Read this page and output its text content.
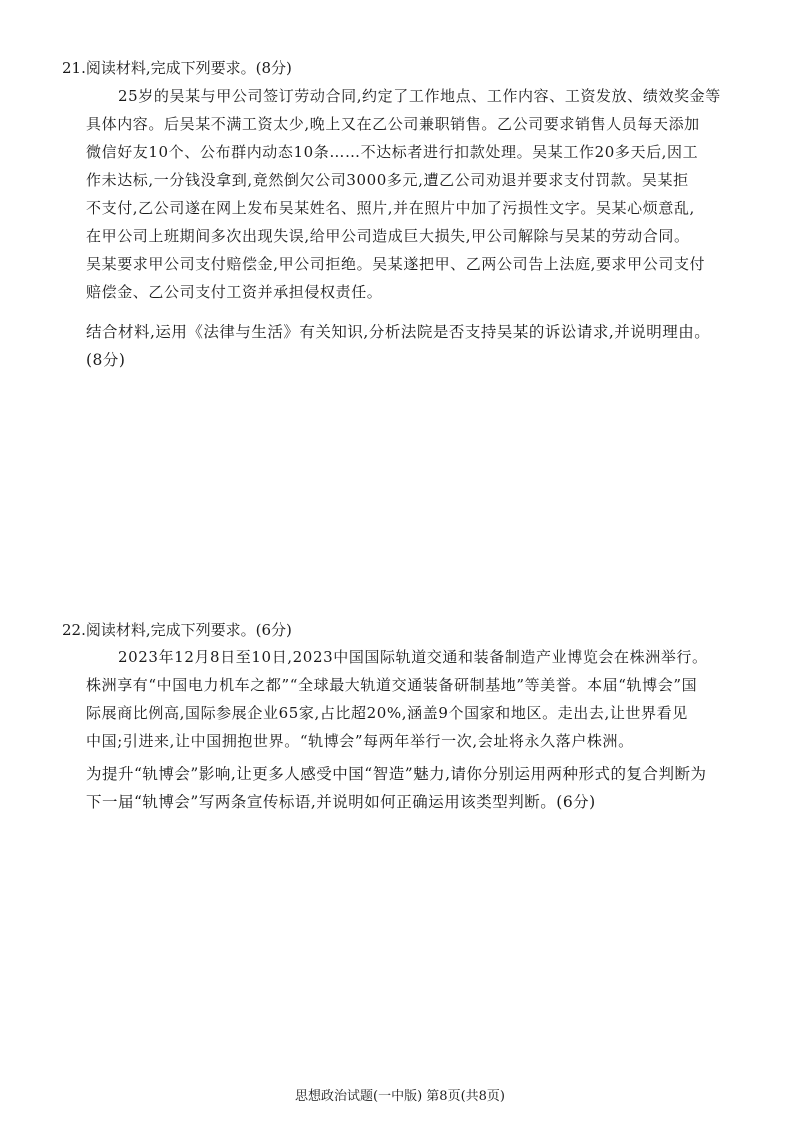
21.阅读材料,完成下列要求。(8分)
25岁的吴某与甲公司签订劳动合同,约定了工作地点、工作内容、工资发放、绩效奖金等
具体内容。后吴某不满工资太少,晚上又在乙公司兼职销售。乙公司要求销售人员每天添加
微信好友10个、公布群内动态10条……不达标者进行扣款处理。吴某工作20多天后,因工
作未达标,一分钱没拿到,竟然倒欠公司3000多元,遭乙公司劝退并要求支付罚款。吴某拒
不支付,乙公司遂在网上发布吴某姓名、照片,并在照片中加了污损性文字。吴某心烦意乱,
在甲公司上班期间多次出现失误,给甲公司造成巨大损失,甲公司解除与吴某的劳动合同。
吴某要求甲公司支付赔偿金,甲公司拒绝。吴某遂把甲、乙两公司告上法庭,要求甲公司支付
赔偿金、乙公司支付工资并承担侵权责任。
结合材料,运用《法律与生活》有关知识,分析法院是否支持吴某的诉讼请求,并说明理由。
(8分)
22.阅读材料,完成下列要求。(6分)
2023年12月8日至10日,2023中国国际轨道交通和装备制造产业博览会在株洲举行。
株洲享有“中国电力机车之都”“全球最大轨道交通装备研制基地”等美誉。本届“轨博会”国
际展商比例高,国际参展企业65家,占比超20%,涵盖9个国家和地区。走出去,让世界看见
中国;引进来,让中国拥抱世界。“轨博会”每两年举行一次,会址将永久落户株洲。
为提升“轨博会”影响,让更多人感受中国“智造”魅力,请你分别运用两种形式的复合判断为
下一届“轨博会”写两条宣传标语,并说明如何正确运用该类型判断。(6分)
思想政治试题(一中版) 第8页(共8页)
